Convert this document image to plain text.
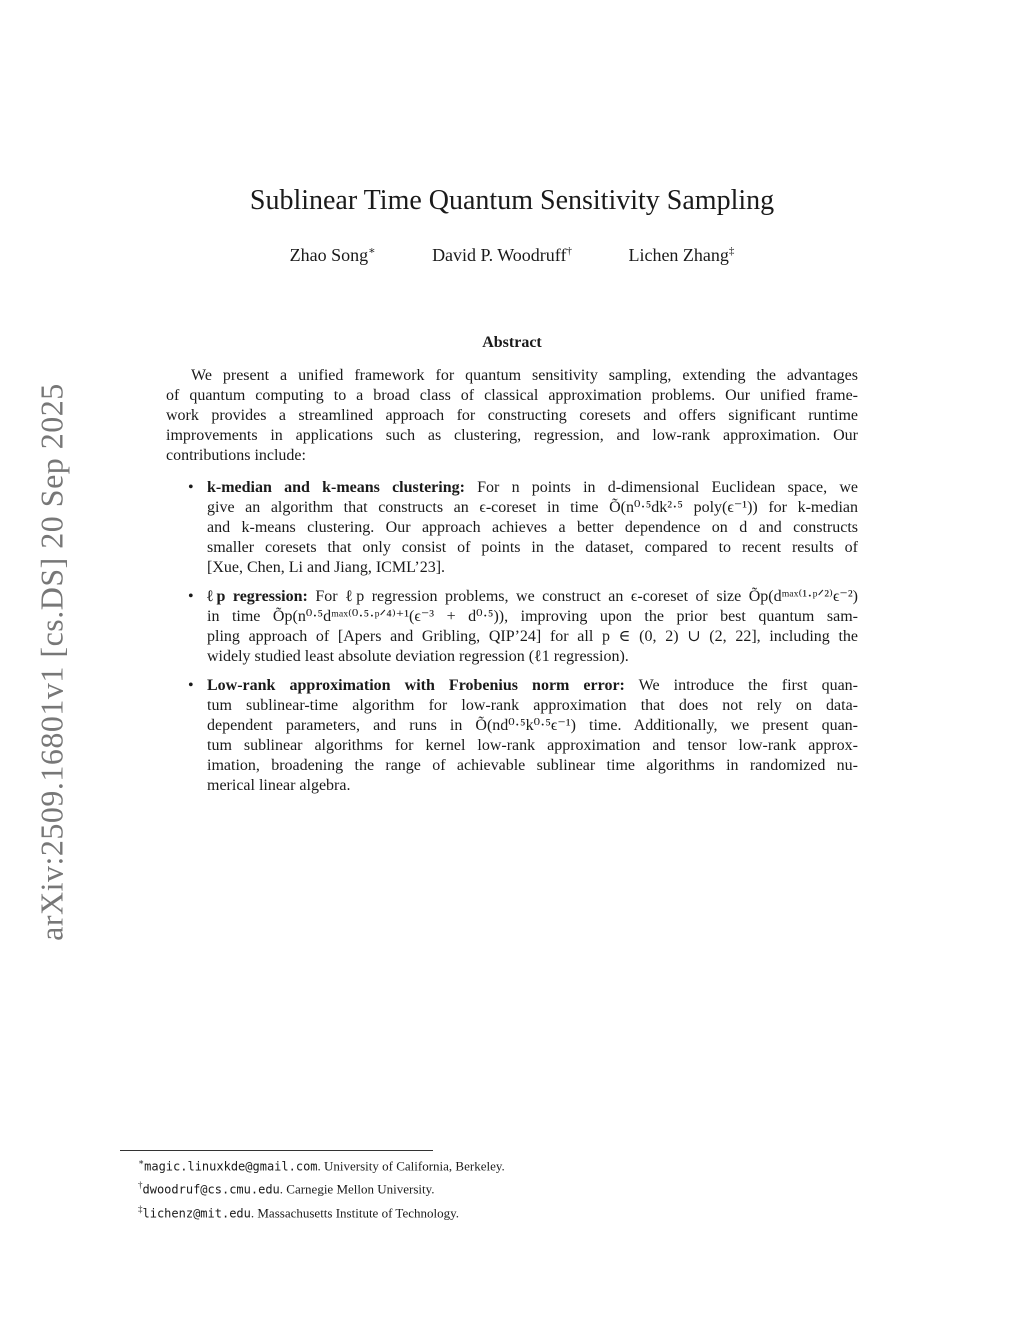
arXiv:2509.16801v1 [cs.DS] 20 Sep 2025
Sublinear Time Quantum Sensitivity Sampling
Zhao Song∗	David P. Woodruff†	Lichen Zhang‡
Abstract
We present a unified framework for quantum sensitivity sampling, extending the advantages
of quantum computing to a broad class of classical approximation problems. Our unified frame-
work provides a streamlined approach for constructing coresets and offers significant runtime
improvements in applications such as clustering, regression, and low-rank approximation. Our
contributions include:
• k-median and k-means clustering: For n points in d-dimensional Euclidean space, we
give an algorithm that constructs an ϵ-coreset in time Õ(n⁰·⁵dk²·⁵ poly(ϵ⁻¹)) for k-median
and k-means clustering. Our approach achieves a better dependence on d and constructs
smaller coresets that only consist of points in the dataset, compared to recent results of
[Xue, Chen, Li and Jiang, ICML’23].
• ℓp regression: For ℓp regression problems, we construct an ϵ-coreset of size Õp(dᵐᵃˣ⁽¹·ᵖᐟ²⁾ϵ⁻²)
in time Õp(n⁰·⁵dᵐᵃˣ⁽⁰·⁵·ᵖᐟ⁴⁾⁺¹(ϵ⁻³ + d⁰·⁵)), improving upon the prior best quantum sam-
pling approach of [Apers and Gribling, QIP’24] for all p ∈ (0, 2) ∪ (2, 22], including the
widely studied least absolute deviation regression (ℓ1 regression).
• Low-rank approximation with Frobenius norm error: We introduce the first quan-
tum sublinear-time algorithm for low-rank approximation that does not rely on data-
dependent parameters, and runs in Õ(nd⁰·⁵k⁰·⁵ϵ⁻¹) time. Additionally, we present quan-
tum sublinear algorithms for kernel low-rank approximation and tensor low-rank approx-
imation, broadening the range of achievable sublinear time algorithms in randomized nu-
merical linear algebra.
∗magic.linuxkde@gmail.com. University of California, Berkeley.
†dwoodruf@cs.cmu.edu. Carnegie Mellon University.
‡lichenz@mit.edu. Massachusetts Institute of Technology.
